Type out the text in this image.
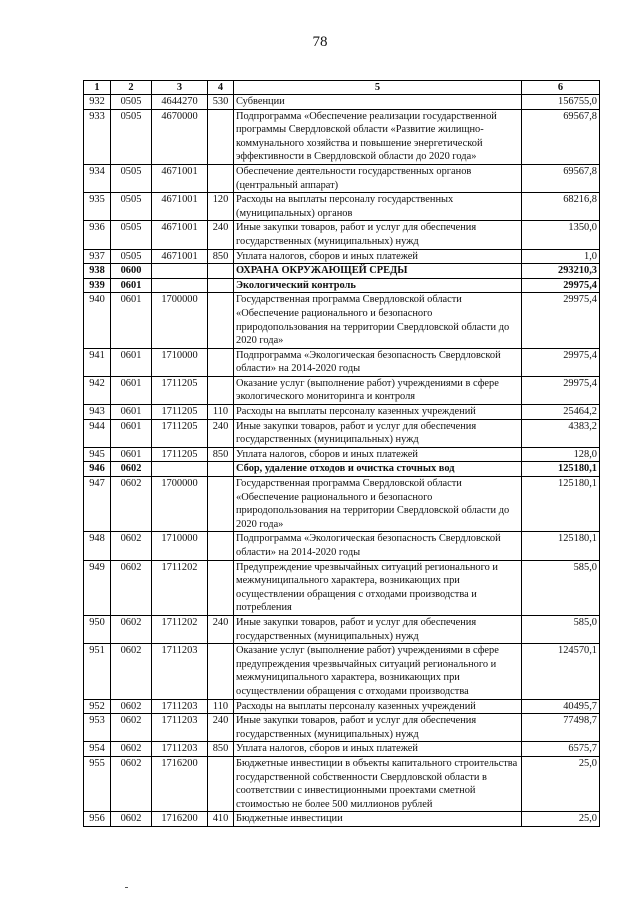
78
1	2	3	4	5	6
932	0505	4644270	530	Субвенции	156755,0
933	0505	4670000		Подпрограмма «Обеспечение реализации государственной программы Свердловской области «Развитие жилищно-коммунального хозяйства и повышение энергетической эффективности в Свердловской области до 2020 года»	69567,8
934	0505	4671001		Обеспечение деятельности государственных органов (центральный аппарат)	69567,8
935	0505	4671001	120	Расходы на выплаты персоналу государственных (муниципальных) органов	68216,8
936	0505	4671001	240	Иные закупки товаров, работ и услуг для обеспечения государственных (муниципальных) нужд	1350,0
937	0505	4671001	850	Уплата налогов, сборов и иных платежей	1,0
938	0600			ОХРАНА ОКРУЖАЮЩЕЙ СРЕДЫ	293210,3
939	0601			Экологический контроль	29975,4
940	0601	1700000		Государственная программа Свердловской области «Обеспечение рационального и безопасного природопользования на территории Свердловской области до 2020 года»	29975,4
941	0601	1710000		Подпрограмма «Экологическая безопасность Свердловской области» на 2014-2020 годы	29975,4
942	0601	1711205		Оказание услуг (выполнение работ) учреждениями в сфере экологического мониторинга и контроля	29975,4
943	0601	1711205	110	Расходы на выплаты персоналу казенных учреждений	25464,2
944	0601	1711205	240	Иные закупки товаров, работ и услуг для обеспечения государственных (муниципальных) нужд	4383,2
945	0601	1711205	850	Уплата налогов, сборов и иных платежей	128,0
946	0602			Сбор, удаление отходов и очистка сточных вод	125180,1
947	0602	1700000		Государственная программа Свердловской области «Обеспечение рационального и безопасного природопользования на территории Свердловской области до 2020 года»	125180,1
948	0602	1710000		Подпрограмма «Экологическая безопасность Свердловской области» на 2014-2020 годы	125180,1
949	0602	1711202		Предупреждение чрезвычайных ситуаций регионального и межмуниципального характера, возникающих при осуществлении обращения с отходами производства и потребления	585,0
950	0602	1711202	240	Иные закупки товаров, работ и услуг для обеспечения государственных (муниципальных) нужд	585,0
951	0602	1711203		Оказание услуг (выполнение работ) учреждениями в сфере предупреждения чрезвычайных ситуаций регионального и межмуниципального характера, возникающих при осуществлении обращения с отходами производства	124570,1
952	0602	1711203	110	Расходы на выплаты персоналу казенных учреждений	40495,7
953	0602	1711203	240	Иные закупки товаров, работ и услуг для обеспечения государственных (муниципальных) нужд	77498,7
954	0602	1711203	850	Уплата налогов, сборов и иных платежей	6575,7
955	0602	1716200		Бюджетные инвестиции в объекты капитального строительства государственной собственности Свердловской области в соответствии с инвестиционными проектами сметной стоимостью не более 500 миллионов рублей	25,0
956	0602	1716200	410	Бюджетные инвестиции	25,0
